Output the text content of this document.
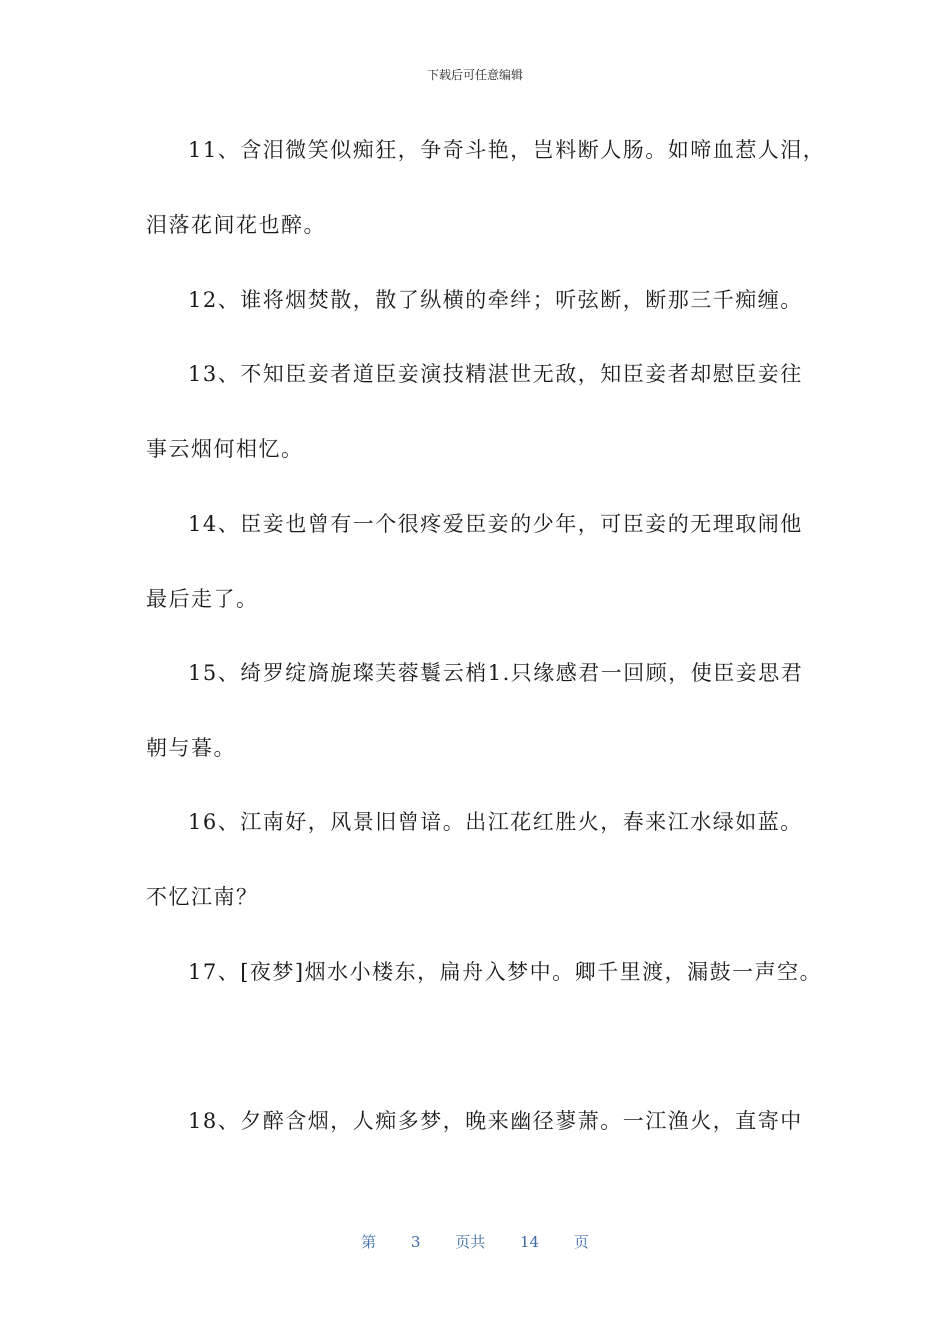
下载后可任意编辑
11、含泪微笑似痴狂，争奇斗艳，岂料断人肠。如啼血惹人泪，
泪落花间花也醉。
12、谁将烟焚散，散了纵横的牵绊；听弦断，断那三千痴缠。
13、不知臣妾者道臣妾演技精湛世无敌，知臣妾者却慰臣妾往
事云烟何相忆。
14、臣妾也曾有一个很疼爱臣妾的少年，可臣妾的无理取闹他
最后走了。
15、绮罗绽旖旎璨芙蓉鬟云梢1.只缘感君一回顾，使臣妾思君
朝与暮。
16、江南好，风景旧曾谙。出江花红胜火，春来江水绿如蓝。
不忆江南？
17、[夜梦]烟水小楼东，扁舟入梦中。卿千里渡，漏鼓一声空。
18、夕醉含烟，人痴多梦，晚来幽径蓼萧。一江渔火，直寄中
第 3 页共 14 页
